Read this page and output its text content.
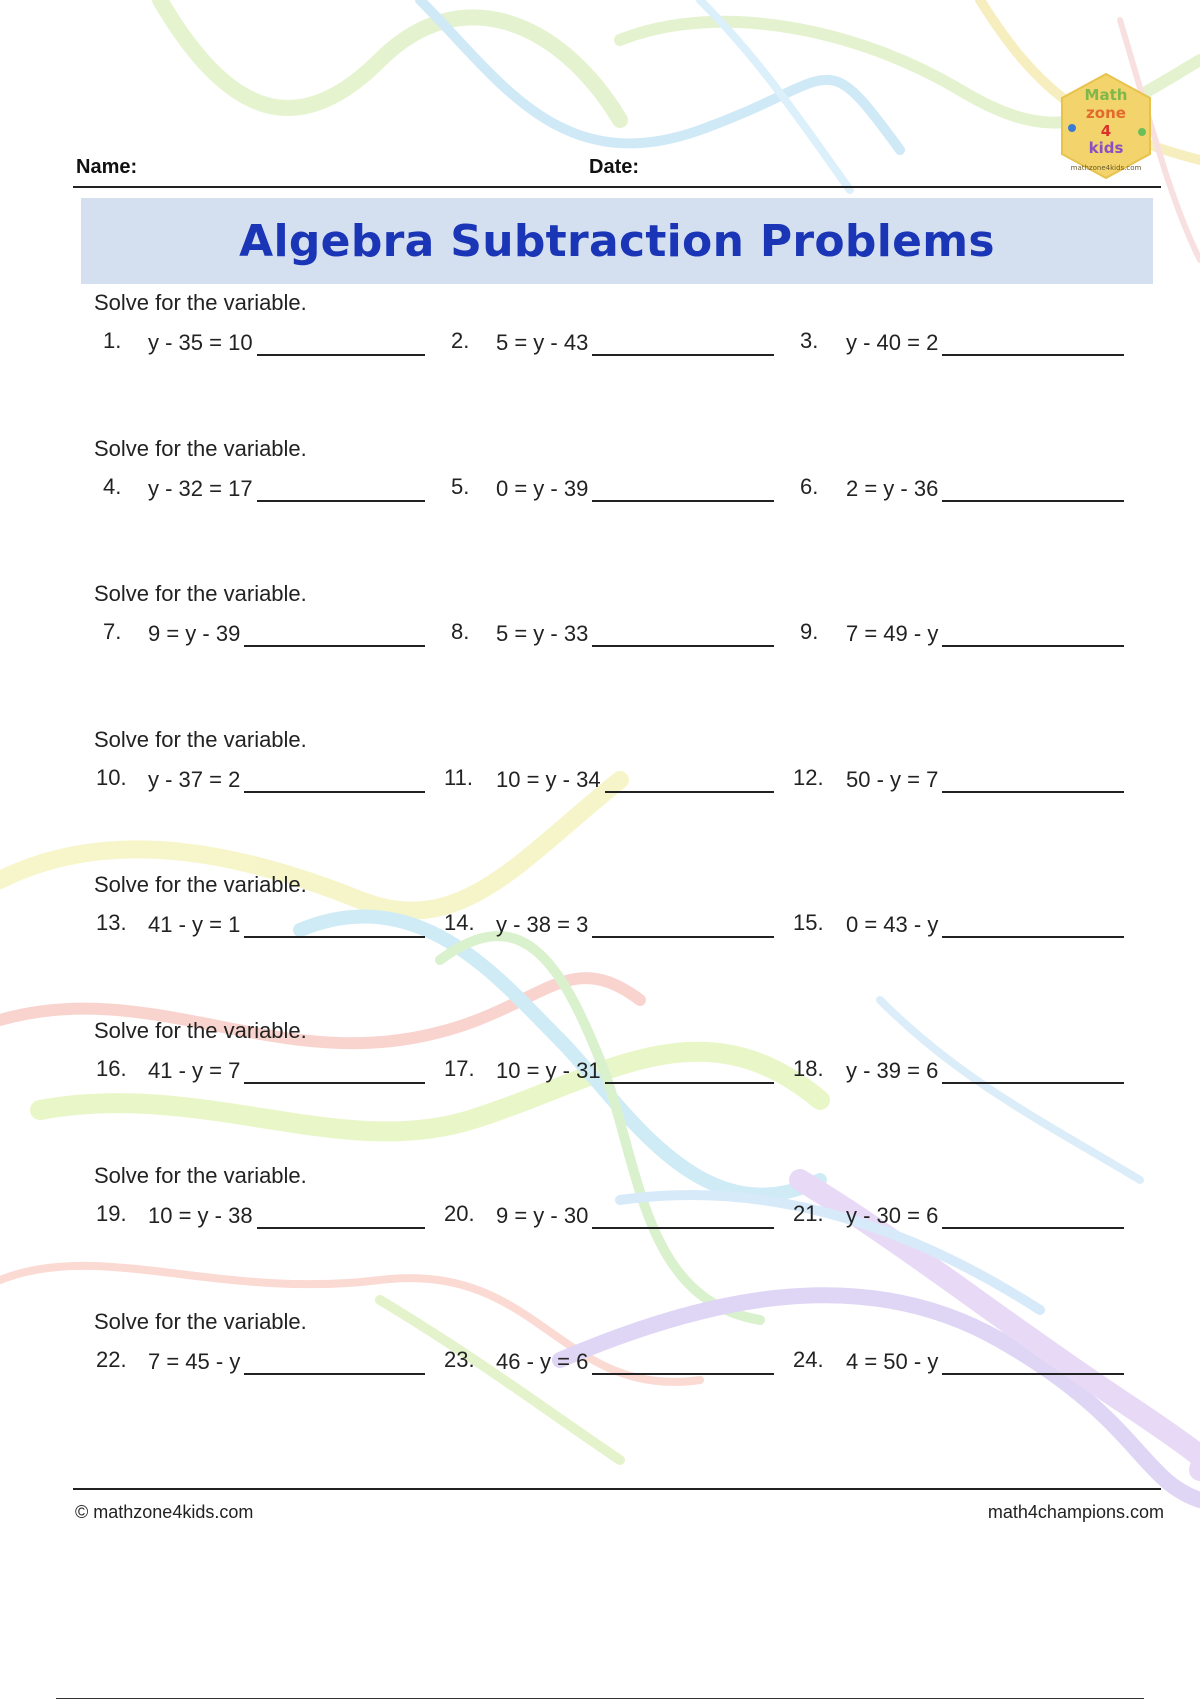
Name:	Date:
Math
zone
4
kids
mathzone4kids.com
Algebra Subtraction Problems
Solve for the variable.
1. y - 35 = 10	2. 5 = y - 43	3. y - 40 = 2
Solve for the variable.
4. y - 32 = 17	5. 0 = y - 39	6. 2 = y - 36
Solve for the variable.
7. 9 = y - 39	8. 5 = y - 33	9. 7 = 49 - y
Solve for the variable.
10. y - 37 = 2	11. 10 = y - 34	12. 50 - y = 7
Solve for the variable.
13. 41 - y = 1	14. y - 38 = 3	15. 0 = 43 - y
Solve for the variable.
16. 41 - y = 7	17. 10 = y - 31	18. y - 39 = 6
Solve for the variable.
19. 10 = y - 38	20. 9 = y - 30	21. y - 30 = 6
Solve for the variable.
22. 7 = 45 - y	23. 46 - y = 6	24. 4 = 50 - y
© mathzone4kids.com	math4champions.com
